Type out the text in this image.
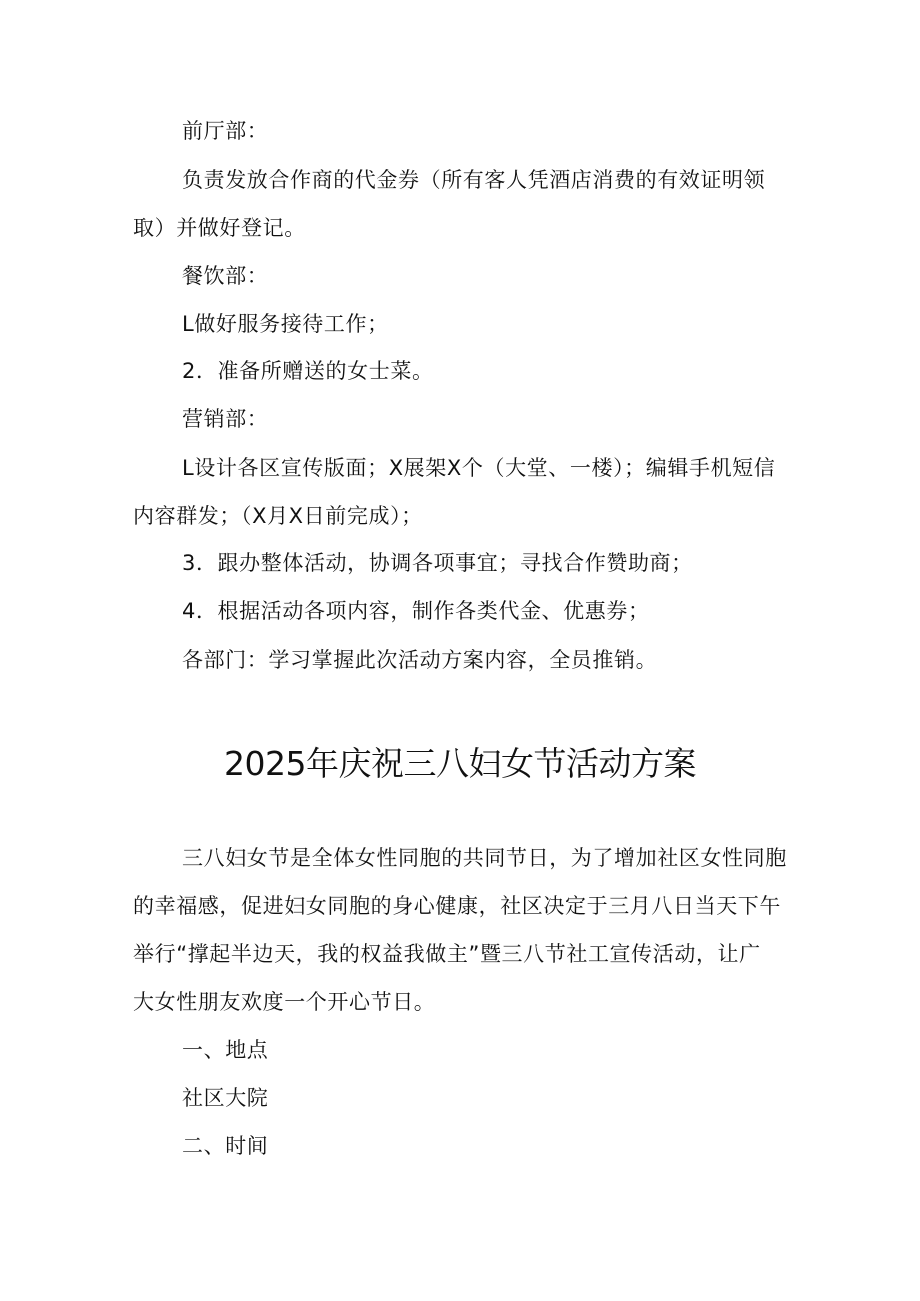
前厅部：
负责发放合作商的代金券（所有客人凭酒店消费的有效证明领
取）并做好登记。
餐饮部：
L做好服务接待工作；
2．准备所赠送的女士菜。
营销部：
L设计各区宣传版面；X展架X个（大堂、一楼）；编辑手机短信
内容群发；（X月X日前完成）；
3．跟办整体活动，协调各项事宜；寻找合作赞助商；
4．根据活动各项内容，制作各类代金、优惠券；
各部门：学习掌握此次活动方案内容，全员推销。
2025年庆祝三八妇女节活动方案
三八妇女节是全体女性同胞的共同节日，为了增加社区女性同胞
的幸福感，促进妇女同胞的身心健康，社区决定于三月八日当天下午
举行“撑起半边天，我的权益我做主”暨三八节社工宣传活动，让广
大女性朋友欢度一个开心节日。
一、地点
社区大院
二、时间
